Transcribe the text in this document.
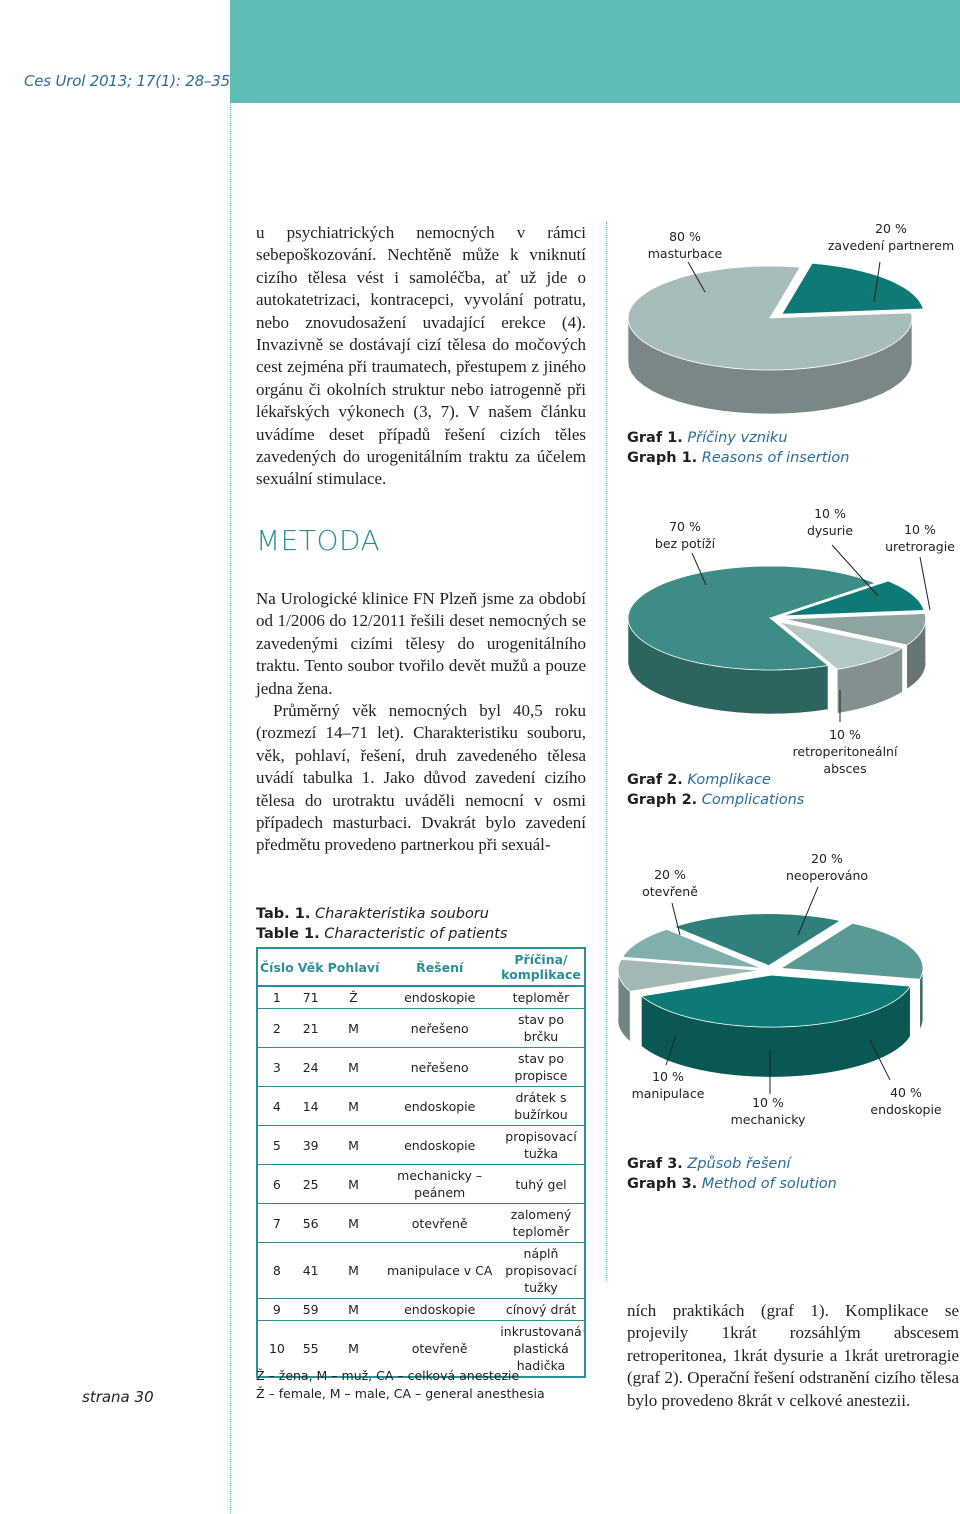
Ces Urol 2013; 17(1): 28–35
u psychiatrických nemocných v rámci sebepoškozování. Nechtěně může k vniknutí cizího tělesa vést i samoléčba, ať už jde o autokatetrizaci, kontracepci, vyvolání potratu, nebo znovudosažení uvadající erekce (4). Invazivně se dostávají cizí tělesa do močových cest zejména při traumatech, přestupem z jiného orgánu či okolních struktur nebo iatrogenně při lékařských výkonech (3, 7). V našem článku uvádíme deset případů řešení cizích těles zavedených do urogenitálním traktu za účelem sexuální stimulace.
METODA
Na Urologické klinice FN Plzeň jsme za období od 1/2006 do 12/2011 řešili deset nemocných se zavedenými cizími tělesy do urogenitálního traktu. Tento soubor tvořilo devět mužů a pouze jedna žena.
Průměrný věk nemocných byl 40,5 roku (rozmezí 14–71 let). Charakteristiku souboru, věk, pohlaví, řešení, druh zavedeného tělesa uvádí tabulka 1. Jako důvod zavedení cizího tělesa do urotraktu uváděli nemocní v osmi případech masturbaci. Dvakrát bylo zavedení předmětu provedeno partnerkou při sexuál-
ních praktikách (graf 1). Komplikace se projevily 1krát rozsáhlým abscesem retroperitonea, 1krát dysurie a 1krát uretroragie (graf 2). Operační řešení odstranění cizího tělesa bylo provedeno 8krát v celkové anestezii.
Tab. 1. Charakteristika souboru
Table 1. Characteristic of patients
Číslo	Věk	Pohlaví	Řešení	Příčina/ komplikace
1	71	Ž	endoskopie	teploměr
2	21	M	neřešeno	stav po brčku
3	24	M	neřešeno	stav po propisce
4	14	M	endoskopie	drátek s bužírkou
5	39	M	endoskopie	propisovací tužka
6	25	M	mechanicky – peánem	tuhý gel
7	56	M	otevřeně	zalomený teploměr
8	41	M	manipulace v CA	náplň propisovací tužky
9	59	M	endoskopie	cínový drát
10	55	M	otevřeně	inkrustovaná plastická hadička
Ž – žena, M – muž, CA – celková anestezie
Ž – female, M – male, CA – general anesthesia
strana 30
Graf 1. Příčiny vzniku
Graph 1. Reasons of insertion
Graf 2. Komplikace
Graph 2. Complications
Graf 3. Způsob řešení
Graph 3. Method of solution
80 %
masturbace
20 %
zavedení partnerem
70 %
bez potíží
10 %
dysurie	10 %
uretroragie
10 %
retroperitoneální absces
20 %
otevřeně
20 %
neoperováno
40 %
endoskopie
10 %
mechanicky
10 %
manipulace
